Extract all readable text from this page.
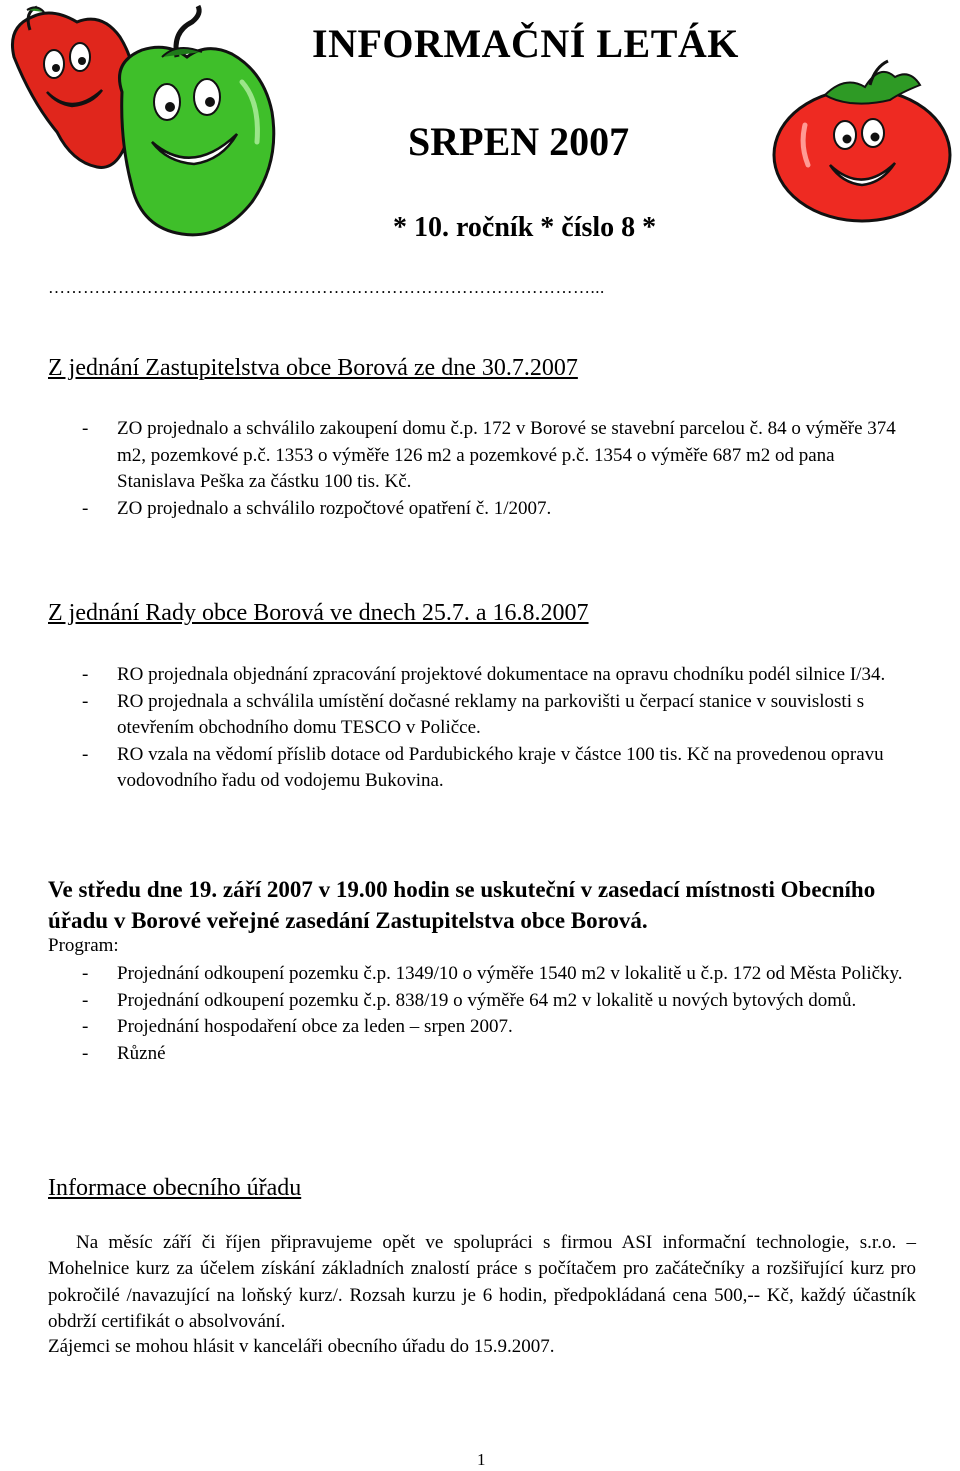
INFORMAČNÍ LETÁK
SRPEN 2007
* 10. ročník * číslo 8 *
…………………………………………………………………………………...
Z jednání Zastupitelstva obce Borová ze dne 30.7.2007
- ZO projednalo a schválilo zakoupení domu č.p. 172 v Borové se stavební parcelou č. 84 o výměře 374 m2, pozemkové p.č. 1353 o výměře 126 m2 a pozemkové p.č. 1354 o výměře 687 m2 od pana Stanislava Peška za částku 100 tis. Kč.
- ZO projednalo a schválilo rozpočtové opatření č. 1/2007.
Z jednání Rady obce Borová ve dnech 25.7. a 16.8.2007
- RO projednala objednání zpracování projektové dokumentace na opravu chodníku podél silnice I/34.
- RO projednala a schválila umístění dočasné reklamy na parkovišti u čerpací stanice v souvislosti s otevřením obchodního domu TESCO v Poličce.
- RO vzala na vědomí příslib dotace od Pardubického kraje v částce 100 tis. Kč na provedenou opravu vodovodního řadu od vodojemu Bukovina.

Ve středu dne 19. září 2007 v 19.00 hodin se uskuteční v zasedací místnosti Obecního úřadu v Borové veřejné zasedání Zastupitelstva obce Borová.

Program:

- Projednání odkoupení pozemku č.p. 1349/10 o výměře 1540 m2 v lokalitě u č.p. 172 od Města Poličky.
- Projednání odkoupení pozemku č.p. 838/19 o výměře 64 m2 v lokalitě u nových bytových domů.
- Projednání hospodaření obce za leden – srpen 2007.
- Různé
Informace obecního úřadu

Na měsíc září či říjen připravujeme opět ve spolupráci s firmou ASI informační technologie, s.r.o. – Mohelnice kurz za účelem získání základních znalostí práce s počítačem pro začátečníky a rozšiřující kurz pro pokročilé /navazující na loňský kurz/. Rozsah kurzu je 6 hodin, předpokládaná cena 500,-- Kč, každý účastník obdrží certifikát o absolvování.

Zájemci se mohou hlásit v kanceláři obecního úřadu do 15.9.2007.

1
